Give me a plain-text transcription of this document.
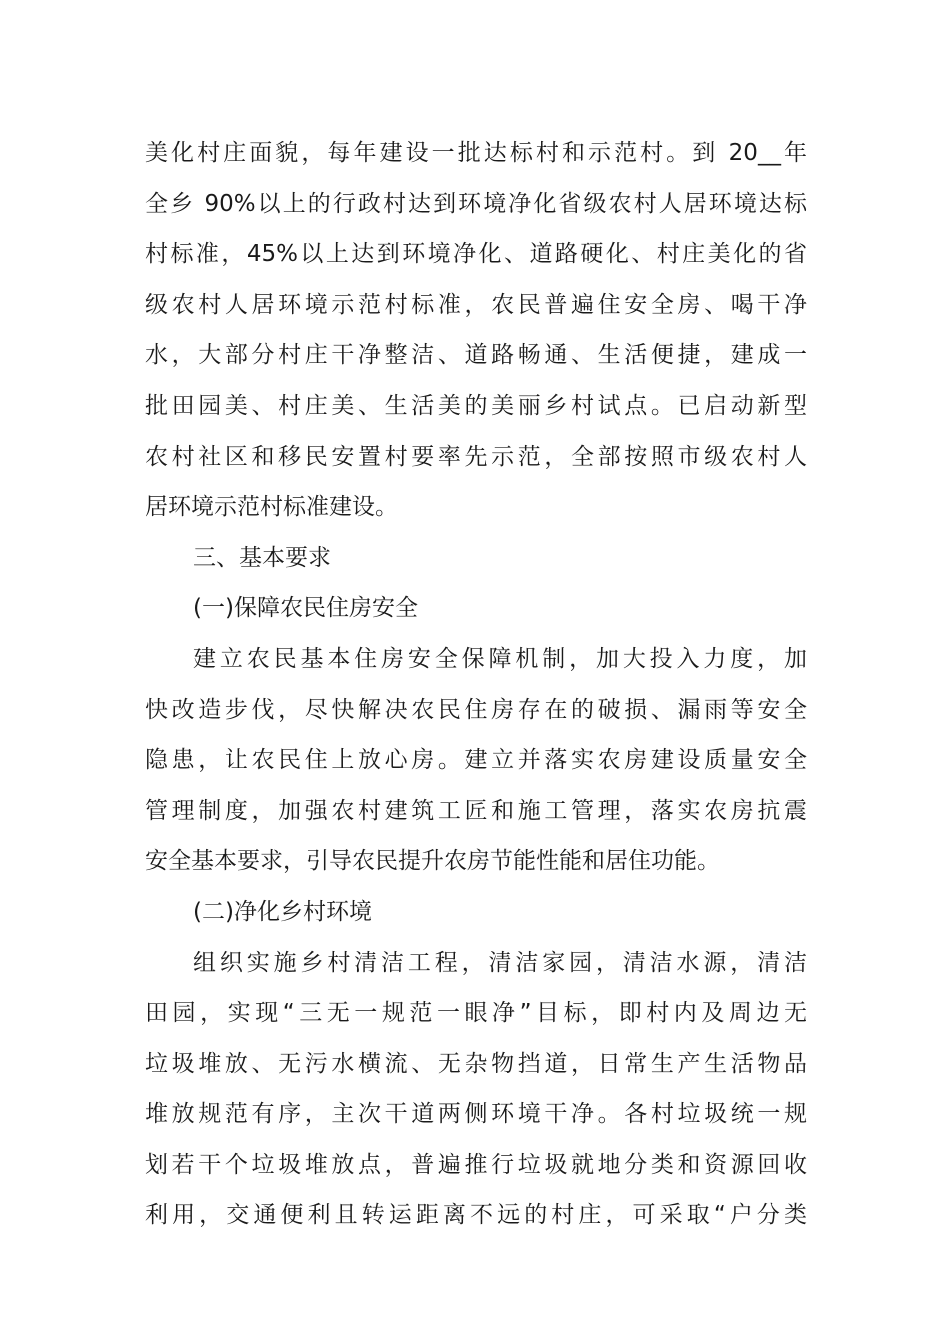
美化村庄面貌，每年建设一批达标村和示范村。到 20__年
全乡 90%以上的行政村达到环境净化省级农村人居环境达标
村标准，45%以上达到环境净化、道路硬化、村庄美化的省
级农村人居环境示范村标准，农民普遍住安全房、喝干净
水，大部分村庄干净整洁、道路畅通、生活便捷，建成一
批田园美、村庄美、生活美的美丽乡村试点。已启动新型
农村社区和移民安置村要率先示范，全部按照市级农村人
居环境示范村标准建设。
三、基本要求
(一)保障农民住房安全
建立农民基本住房安全保障机制，加大投入力度，加
快改造步伐，尽快解决农民住房存在的破损、漏雨等安全
隐患，让农民住上放心房。建立并落实农房建设质量安全
管理制度，加强农村建筑工匠和施工管理，落实农房抗震
安全基本要求，引导农民提升农房节能性能和居住功能。
(二)净化乡村环境
组织实施乡村清洁工程，清洁家园，清洁水源，清洁
田园，实现“三无一规范一眼净”目标，即村内及周边无
垃圾堆放、无污水横流、无杂物挡道，日常生产生活物品
堆放规范有序，主次干道两侧环境干净。各村垃圾统一规
划若干个垃圾堆放点，普遍推行垃圾就地分类和资源回收
利用，交通便利且转运距离不远的村庄，可采取“户分类
